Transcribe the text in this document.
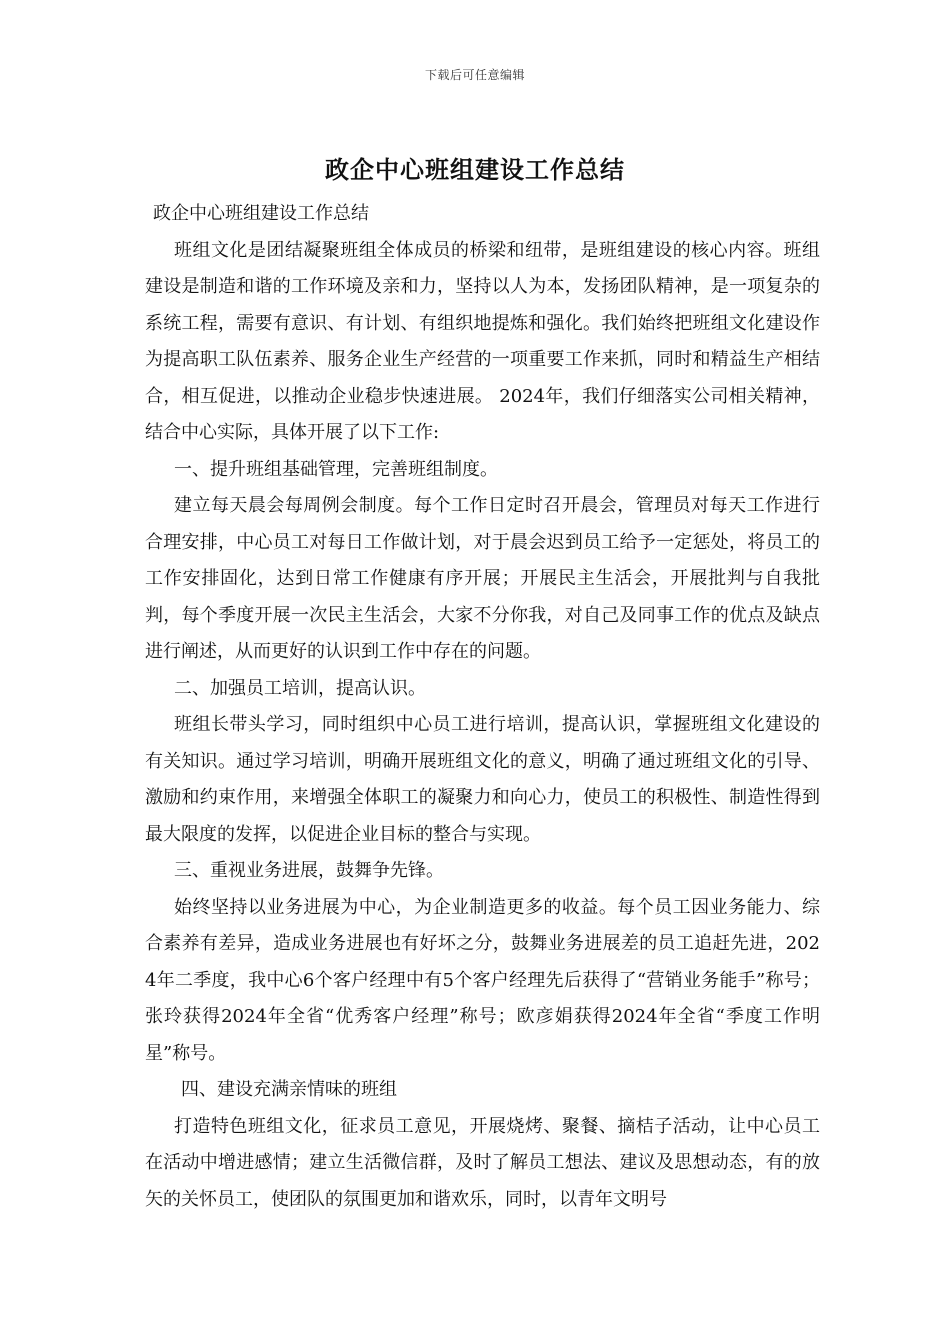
下载后可任意编辑
政企中心班组建设工作总结

政企中心班组建设工作总结

班组文化是团结凝聚班组全体成员的桥梁和纽带，是班组建设的核心内容。班组建设是制造和谐的工作环境及亲和力，坚持以人为本，发扬团队精神，是一项复杂的系统工程，需要有意识、有计划、有组织地提炼和强化。我们始终把班组文化建设作为提高职工队伍素养、服务企业生产经营的一项重要工作来抓，同时和精益生产相结合，相互促进，以推动企业稳步快速进展。 2024年，我们仔细落实公司相关精神，结合中心实际，具体开展了以下工作:

一、提升班组基础管理，完善班组制度。

建立每天晨会每周例会制度。每个工作日定时召开晨会，管理员对每天工作进行合理安排，中心员工对每日工作做计划，对于晨会迟到员工给予一定惩处，将员工的工作安排固化，达到日常工作健康有序开展；开展民主生活会，开展批判与自我批判，每个季度开展一次民主生活会，大家不分你我，对自己及同事工作的优点及缺点进行阐述，从而更好的认识到工作中存在的问题。

二、加强员工培训，提高认识。

班组长带头学习，同时组织中心员工进行培训，提高认识，掌握班组文化建设的有关知识。通过学习培训，明确开展班组文化的意义，明确了通过班组文化的引导、激励和约束作用，来增强全体职工的凝聚力和向心力，使员工的积极性、制造性得到最大限度的发挥，以促进企业目标的整合与实现。

三、重视业务进展，鼓舞争先锋。

始终坚持以业务进展为中心，为企业制造更多的收益。每个员工因业务能力、综合素养有差异，造成业务进展也有好坏之分，鼓舞业务进展差的员工追赶先进，2024年二季度，我中心6个客户经理中有5个客户经理先后获得了“营销业务能手”称号；张玲获得2024年全省“优秀客户经理”称号；欧彦娟获得2024年全省“季度工作明星”称号。

四、建设充满亲情味的班组

打造特色班组文化，征求员工意见，开展烧烤、聚餐、摘桔子活动，让中心员工在活动中增进感情；建立生活微信群，及时了解员工想法、建议及思想动态，有的放矢的关怀员工，使团队的氛围更加和谐欢乐，同时，以青年文明号
